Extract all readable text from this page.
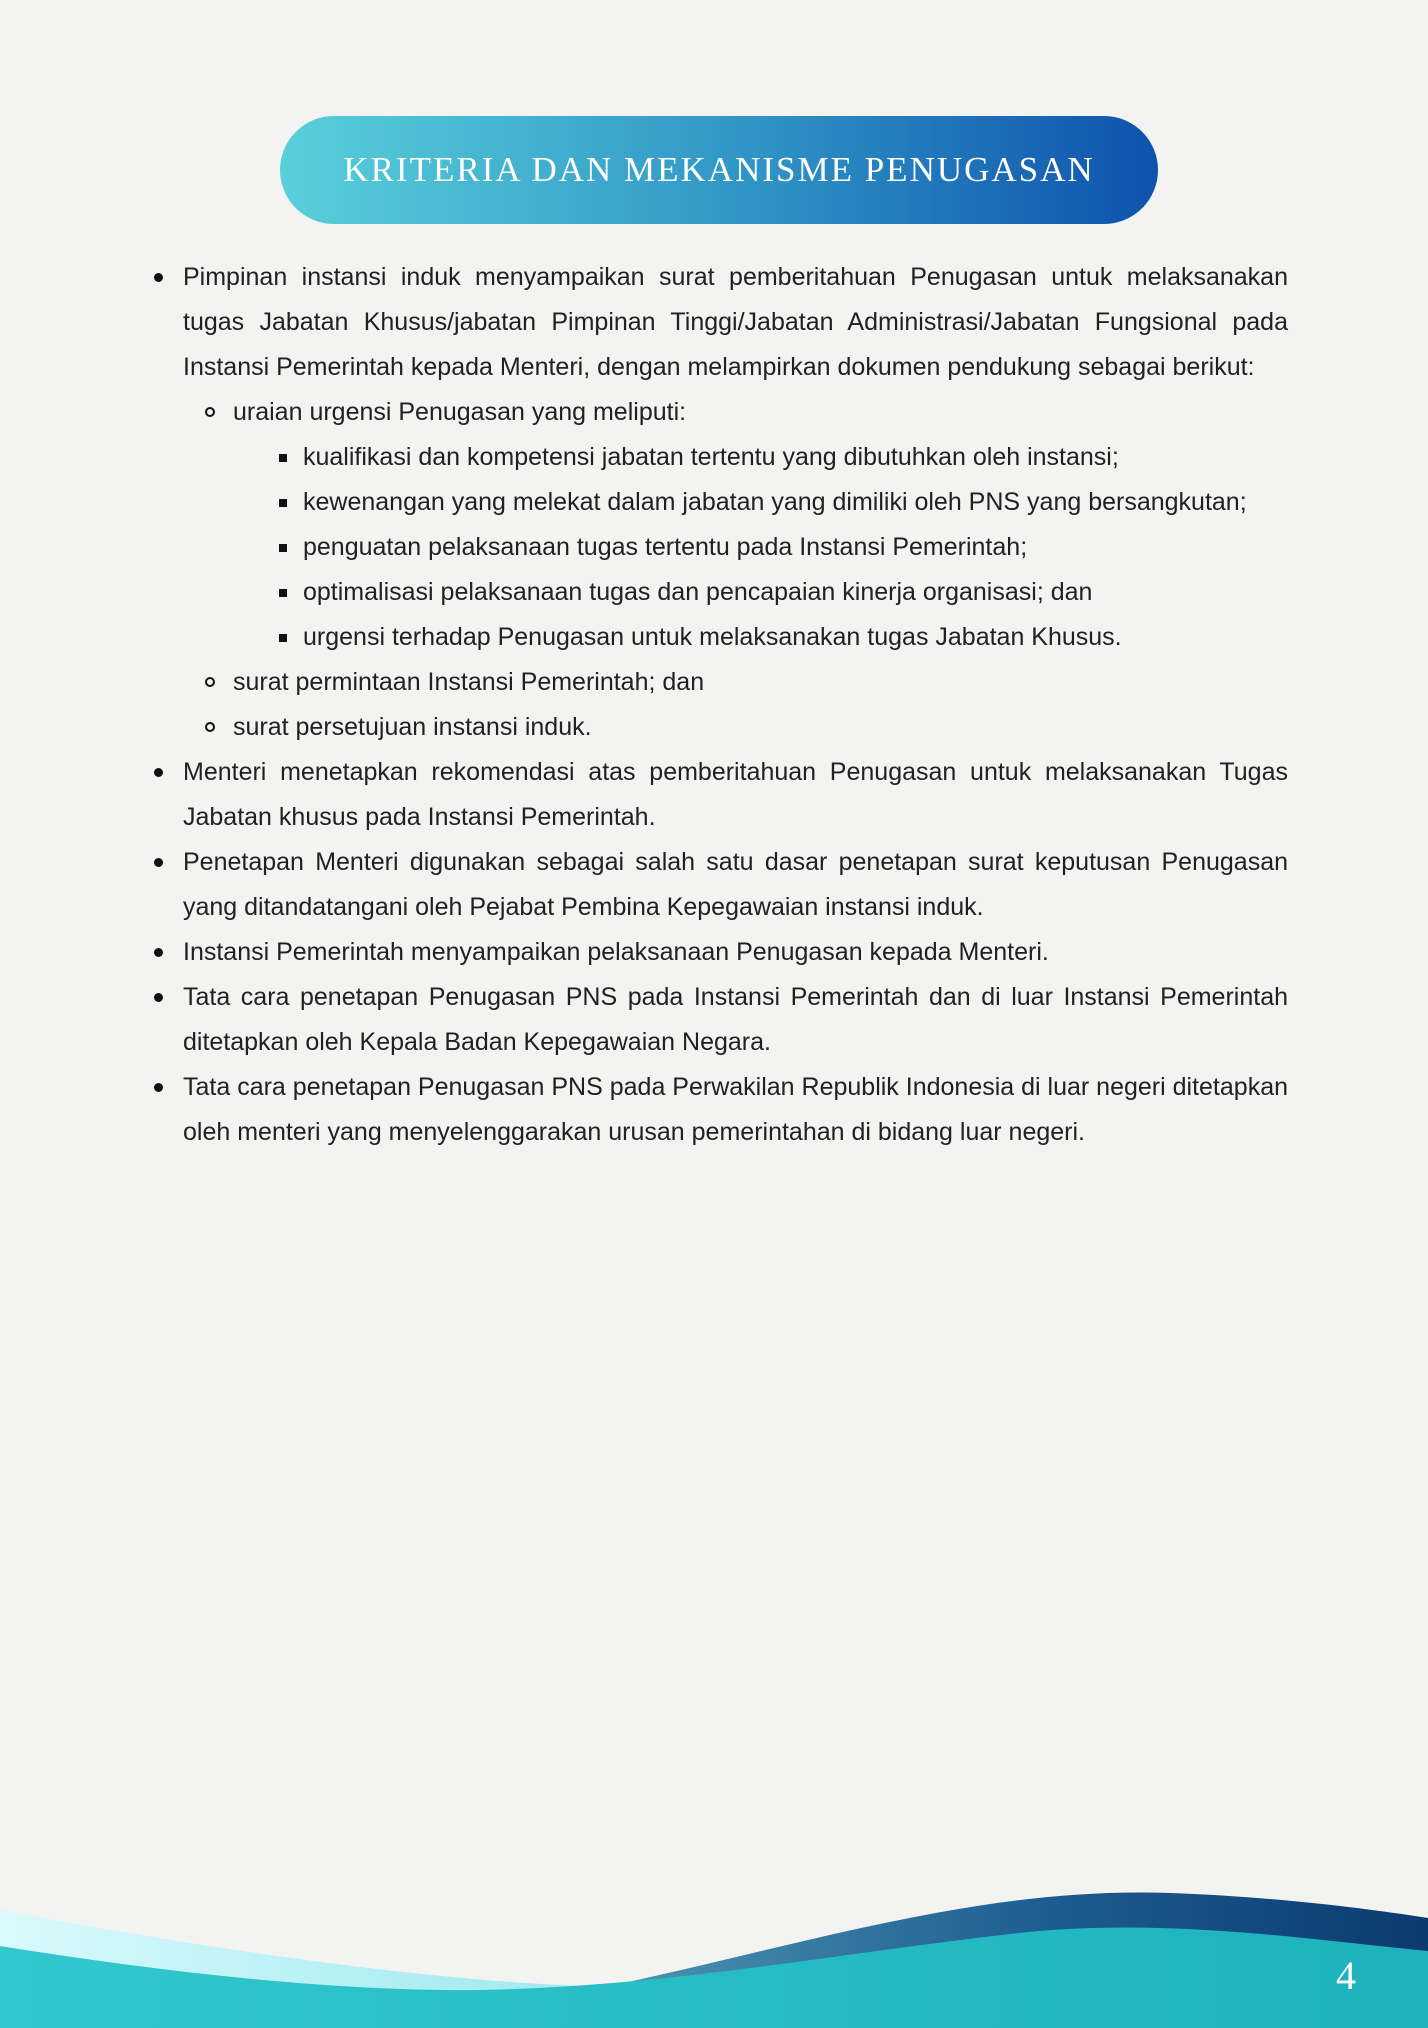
KRITERIA DAN MEKANISME PENUGASAN
Pimpinan instansi induk menyampaikan surat pemberitahuan Penugasan untuk melaksanakan tugas Jabatan Khusus/jabatan Pimpinan Tinggi/Jabatan Administrasi/Jabatan Fungsional pada Instansi Pemerintah kepada Menteri, dengan melampirkan dokumen pendukung sebagai berikut:
uraian urgensi Penugasan yang meliputi:
kualifikasi dan kompetensi jabatan tertentu yang dibutuhkan oleh instansi;
kewenangan yang melekat dalam jabatan yang dimiliki oleh PNS yang bersangkutan;
penguatan pelaksanaan tugas tertentu pada Instansi Pemerintah;
optimalisasi pelaksanaan tugas dan pencapaian kinerja organisasi; dan
urgensi terhadap Penugasan untuk melaksanakan tugas Jabatan Khusus.
surat permintaan Instansi Pemerintah; dan
surat persetujuan instansi induk.
Menteri menetapkan rekomendasi atas pemberitahuan Penugasan untuk melaksanakan Tugas Jabatan khusus pada Instansi Pemerintah.
Penetapan Menteri digunakan sebagai salah satu dasar penetapan surat keputusan Penugasan yang ditandatangani oleh Pejabat Pembina Kepegawaian instansi induk.
Instansi Pemerintah menyampaikan pelaksanaan Penugasan kepada Menteri.
Tata cara penetapan Penugasan PNS pada Instansi Pemerintah dan di luar Instansi Pemerintah ditetapkan oleh Kepala Badan Kepegawaian Negara.
Tata cara penetapan Penugasan PNS pada Perwakilan Republik Indonesia di luar negeri ditetapkan oleh menteri yang menyelenggarakan urusan pemerintahan di bidang luar negeri.
4
